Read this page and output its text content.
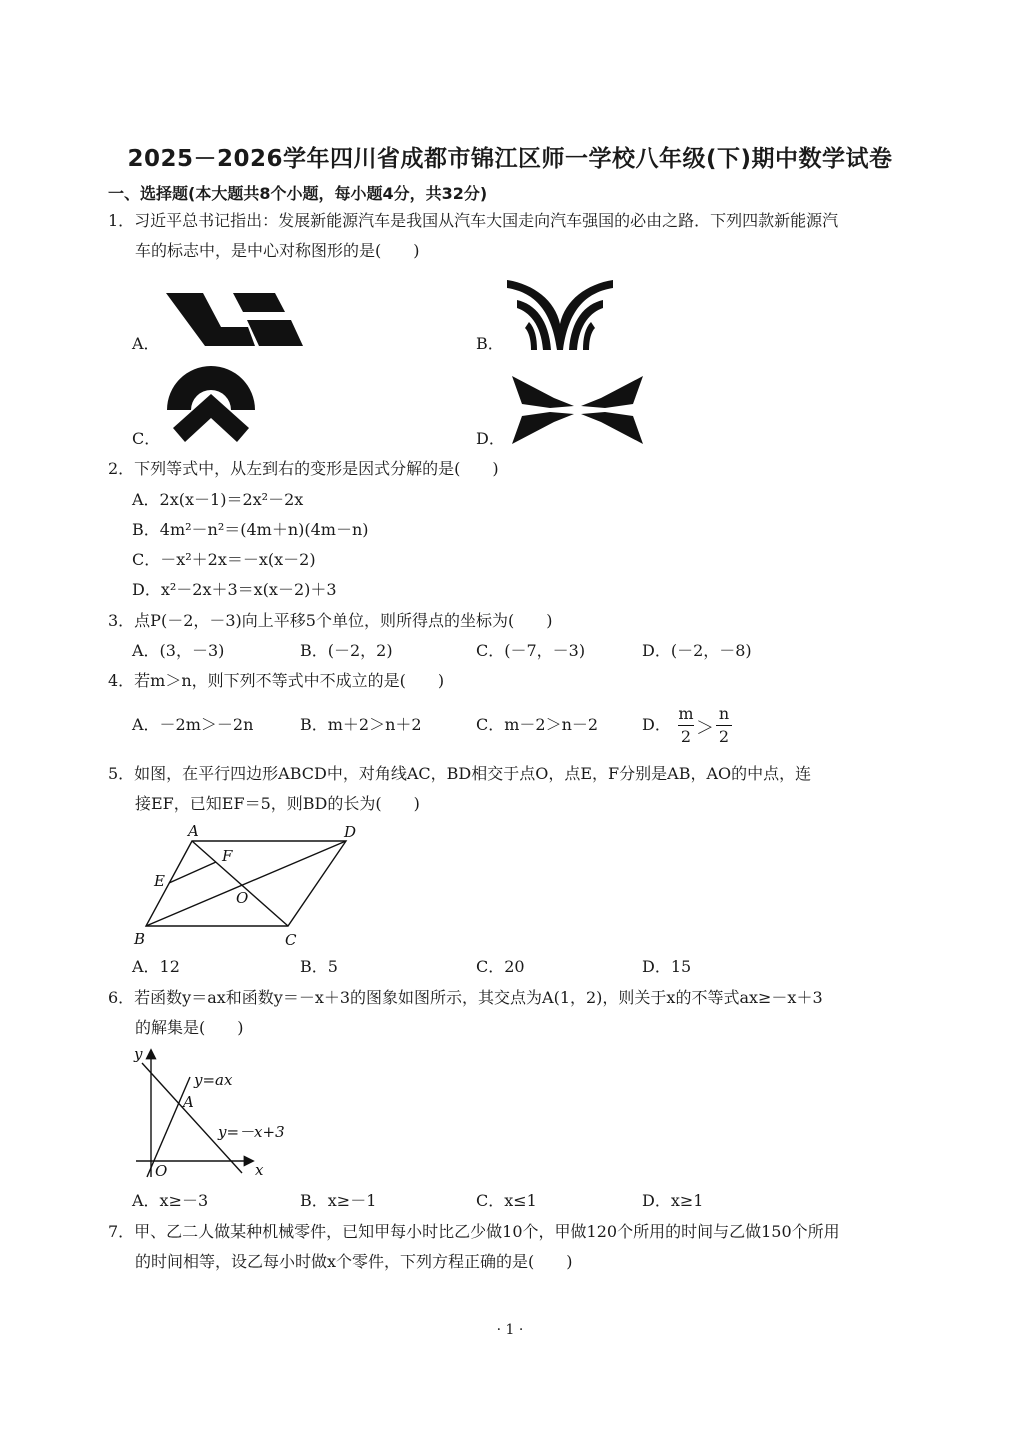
2025－2026学年四川省成都市锦江区师一学校八年级(下)期中数学试卷
一、选择题(本大题共8个小题，每小题4分，共32分)
1．习近平总书记指出：发展新能源汽车是我国从汽车大国走向汽车强国的必由之路．下列四款新能源汽
车的标志中，是中心对称图形的是(　　)
A．	B．
C．	D．
2．下列等式中，从左到右的变形是因式分解的是(　　)
A．2x(x－1)＝2x²－2x
B．4m²－n²＝(4m＋n)(4m－n)
C．－x²＋2x＝－x(x－2)
D．x²－2x＋3＝x(x－2)＋3
3．点P(－2，－3)向上平移5个单位，则所得点的坐标为(　　)
A．(3，－3)	B．(－2，2)	C．(－7，－3)	D．(－2，－8)
4．若m＞n，则下列不等式中不成立的是(　　)
A．－2m＞－2n	B．m＋2＞n＋2	C．m－2＞n－2	D．
m
2 ＞
n
2
5．如图，在平行四边形ABCD中，对角线AC，BD相交于点O，点E，F分别是AB，AO的中点，连
接EF，已知EF＝5，则BD的长为(　　)
A	D
B	C
E
F
O
A．12	B．5	C．20	D．15
6．若函数y＝ax和函数y＝－x＋3的图象如图所示，其交点为A(1，2)，则关于x的不等式ax≥－x＋3
的解集是(　　)
y
x
O
A
y=ax
y=－x+3
A．x≥－3	B．x≥－1	C．x≤1	D．x≥1
7．甲、乙二人做某种机械零件，已知甲每小时比乙少做10个，甲做120个所用的时间与乙做150个所用
的时间相等，设乙每小时做x个零件，下列方程正确的是(　　)
· 1 ·
